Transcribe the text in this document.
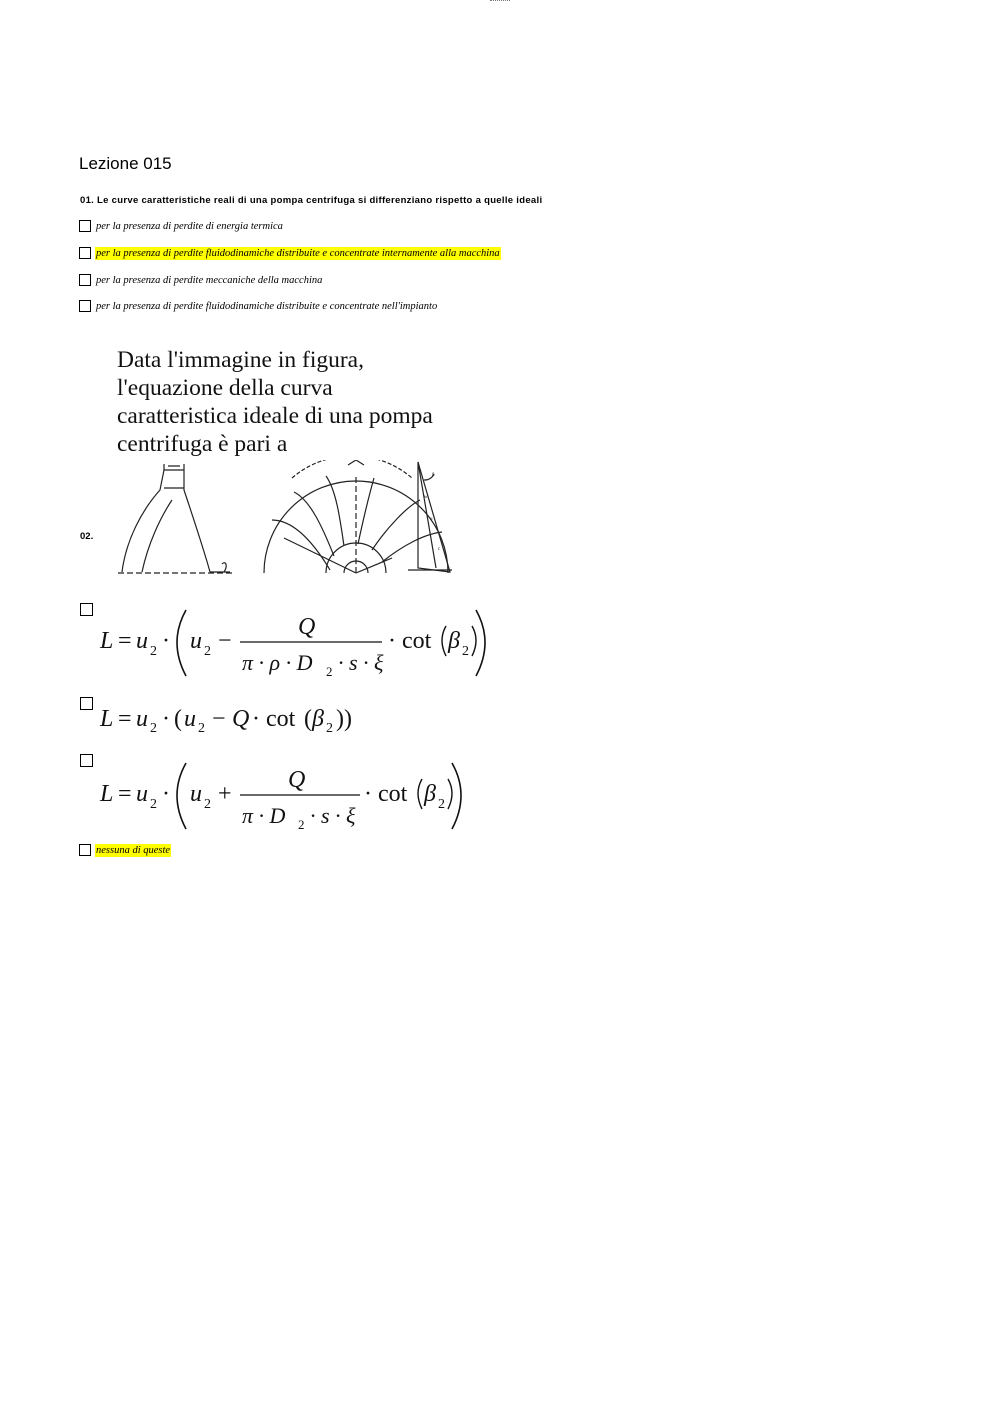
Lezione 015
01. Le curve caratteristiche reali di una pompa centrifuga si differenziano rispetto a quelle ideali
per la presenza di perdite di energia termica
per la presenza di perdite fluidodinamiche distribuite e concentrate internamente alla macchina
per la presenza di perdite meccaniche della macchina
per la presenza di perdite fluidodinamiche distribuite e concentrate nell'impianto
02.
Data l'immagine in figura,
l'equazione della curva
caratteristica ideale di una pompa
centrifuga è pari a
β
w
u
c
L = u 2 · u 2 −
Q
π · ρ · D 2 · s · ξ
· cot β 2
L = u 2 · ( u 2 − Q · cot ( β 2 ))
L = u 2 · u 2 +
Q
π · D 2 · s · ξ
· cot β 2
nessuna di queste
